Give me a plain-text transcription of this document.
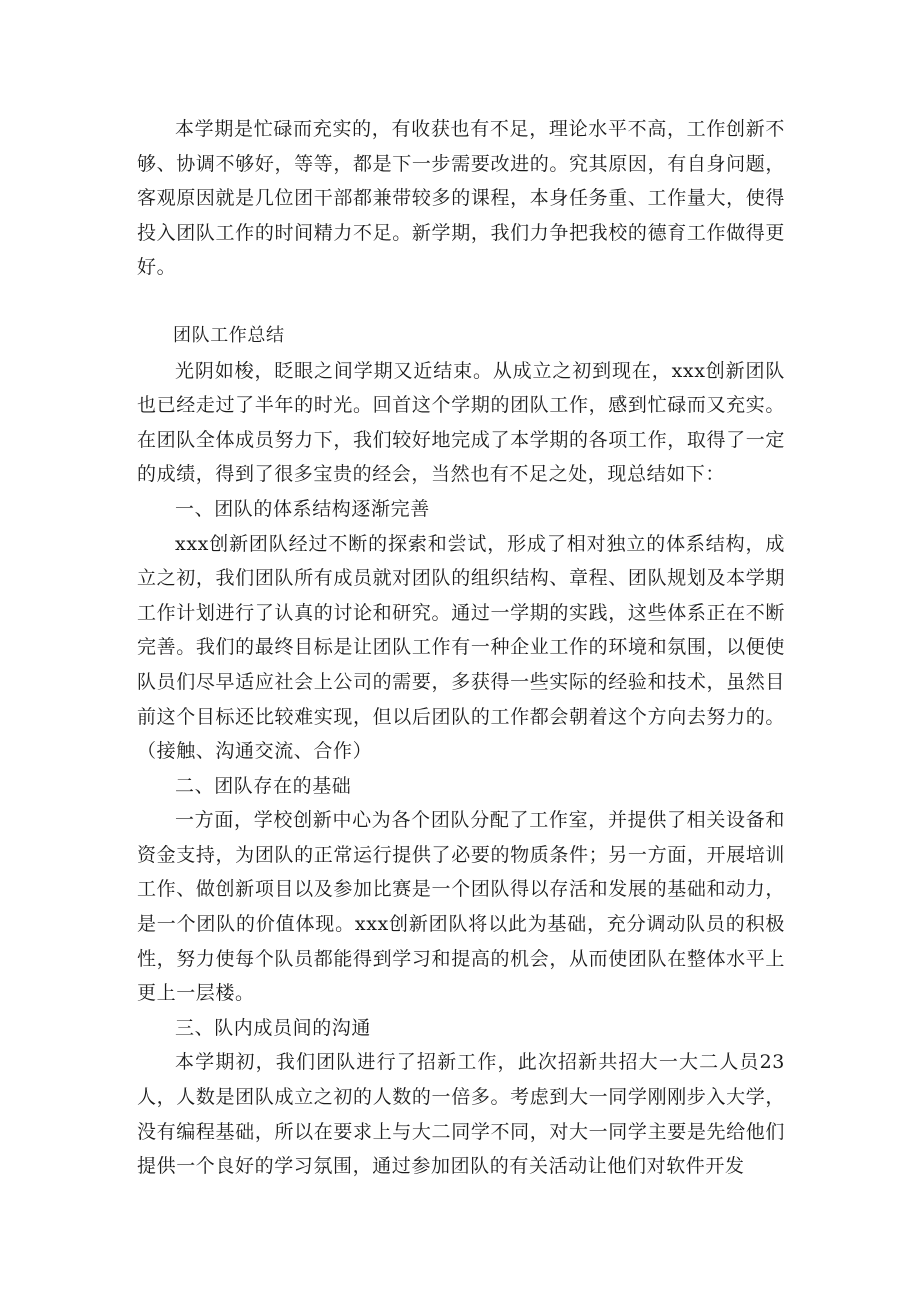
本学期是忙碌而充实的，有收获也有不足，理论水平不高，工作创新不够、协调不够好，等等，都是下一步需要改进的。究其原因，有自身问题，客观原因就是几位团干部都兼带较多的课程，本身任务重、工作量大，使得投入团队工作的时间精力不足。新学期，我们力争把我校的德育工作做得更好。

团队工作总结

光阴如梭，眨眼之间学期又近结束。从成立之初到现在，xxx创新团队也已经走过了半年的时光。回首这个学期的团队工作，感到忙碌而又充实。在团队全体成员努力下，我们较好地完成了本学期的各项工作，取得了一定的成绩，得到了很多宝贵的经会，当然也有不足之处，现总结如下：

一、团队的体系结构逐渐完善

xxx创新团队经过不断的探索和尝试，形成了相对独立的体系结构，成立之初，我们团队所有成员就对团队的组织结构、章程、团队规划及本学期工作计划进行了认真的讨论和研究。通过一学期的实践，这些体系正在不断完善。我们的最终目标是让团队工作有一种企业工作的环境和氛围，以便使队员们尽早适应社会上公司的需要，多获得一些实际的经验和技术，虽然目前这个目标还比较难实现，但以后团队的工作都会朝着这个方向去努力的。（接触、沟通交流、合作）

二、团队存在的基础

一方面，学校创新中心为各个团队分配了工作室，并提供了相关设备和资金支持，为团队的正常运行提供了必要的物质条件；另一方面，开展培训工作、做创新项目以及参加比赛是一个团队得以存活和发展的基础和动力，是一个团队的价值体现。xxx创新团队将以此为基础，充分调动队员的积极性，努力使每个队员都能得到学习和提高的机会，从而使团队在整体水平上更上一层楼。

三、队内成员间的沟通

本学期初，我们团队进行了招新工作，此次招新共招大一大二人员23人，人数是团队成立之初的人数的一倍多。考虑到大一同学刚刚步入大学，没有编程基础，所以在要求上与大二同学不同，对大一同学主要是先给他们提供一个良好的学习氛围，通过参加团队的有关活动让他们对软件开发
